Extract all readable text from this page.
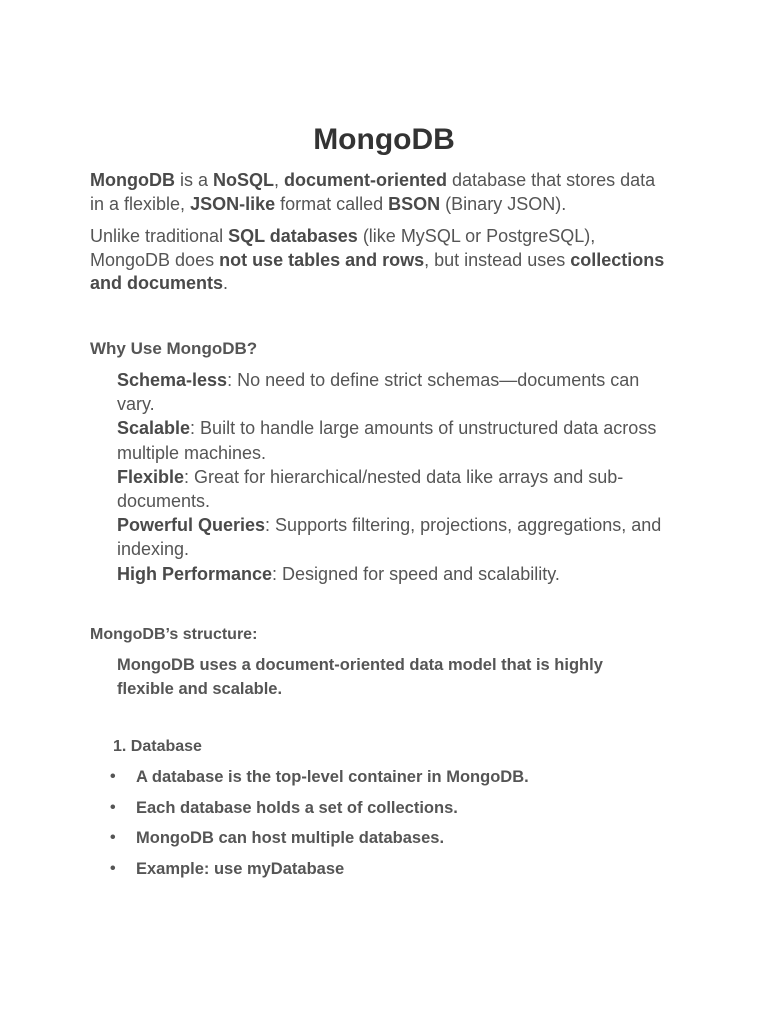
MongoDB

MongoDB is a NoSQL, document-oriented database that stores data in a flexible, JSON-like format called BSON (Binary JSON).

Unlike traditional SQL databases (like MySQL or PostgreSQL), MongoDB does not use tables and rows, but instead uses collections and documents.

Why Use MongoDB?
Schema-less: No need to define strict schemas—documents can vary.
Scalable: Built to handle large amounts of unstructured data across multiple machines.
Flexible: Great for hierarchical/nested data like arrays and sub-documents.
Powerful Queries: Supports filtering, projections, aggregations, and indexing.
High Performance: Designed for speed and scalability.
MongoDB’s structure:

MongoDB uses a document-oriented data model that is highly flexible and scalable.

1. Database

• A database is the top-level container in MongoDB.
• Each database holds a set of collections.
• MongoDB can host multiple databases.
• Example: use myDatabase
